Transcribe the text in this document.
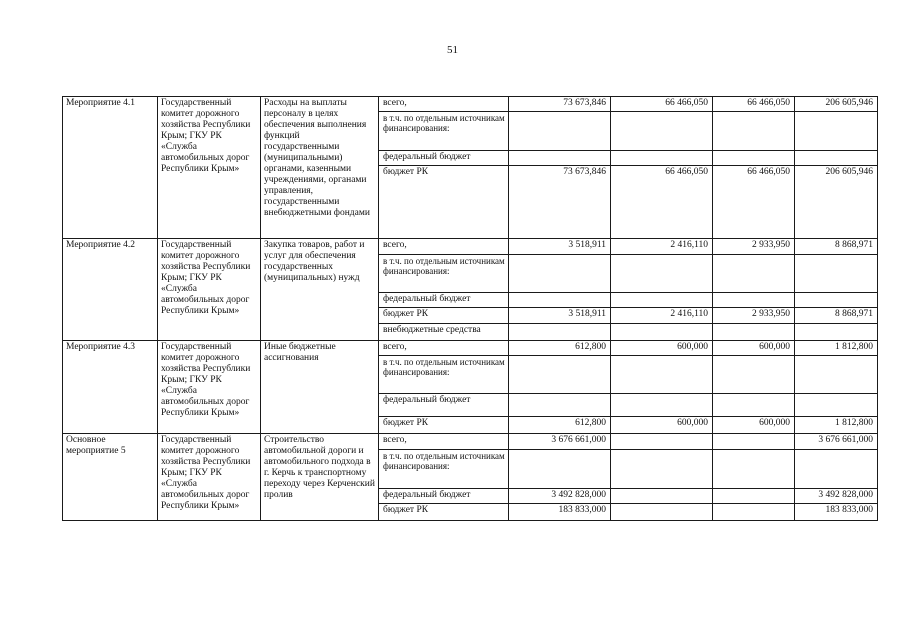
51
Мероприятие 4.1	Государственный комитет дорожного хозяйства Республики Крым; ГКУ РК «Служба автомобильных дорог Республики Крым»	Расходы на выплаты персоналу в целях обеспечения выполнения функций государственными (муниципальными) органами, казенными учреждениями, органами управления, государственными внебюджетными фондами	всего,	73 673,846	66 466,050	66 466,050	206 605,946
			в т.ч. по отдельным источникам финансирования:				
			федеральный бюджет				
			бюджет РК	73 673,846	66 466,050	66 466,050	206 605,946
Мероприятие 4.2	Государственный комитет дорожного хозяйства Республики Крым; ГКУ РК «Служба автомобильных дорог Республики Крым»	Закупка товаров, работ и услуг для обеспечения государственных (муниципальных) нужд	всего,	3 518,911	2 416,110	2 933,950	8 868,971
			в т.ч. по отдельным источникам финансирования:				
			федеральный бюджет				
			бюджет РК	3 518,911	2 416,110	2 933,950	8 868,971
			внебюджетные средства				
Мероприятие 4.3	Государственный комитет дорожного хозяйства Республики Крым; ГКУ РК «Служба автомобильных дорог Республики Крым»	Иные бюджетные ассигнования	всего,	612,800	600,000	600,000	1 812,800
			в т.ч. по отдельным источникам финансирования:				
			федеральный бюджет				
			бюджет РК	612,800	600,000	600,000	1 812,800
Основное мероприятие 5	Государственный комитет дорожного хозяйства Республики Крым; ГКУ РК «Служба автомобильных дорог Республики Крым»	Строительство автомобильной дороги и автомобильного подхода в г. Керчь к транспортному переходу через Керченский пролив	всего,	3 676 661,000			3 676 661,000
			в т.ч. по отдельным источникам финансирования:				
			федеральный бюджет	3 492 828,000			3 492 828,000
			бюджет РК	183 833,000			183 833,000
